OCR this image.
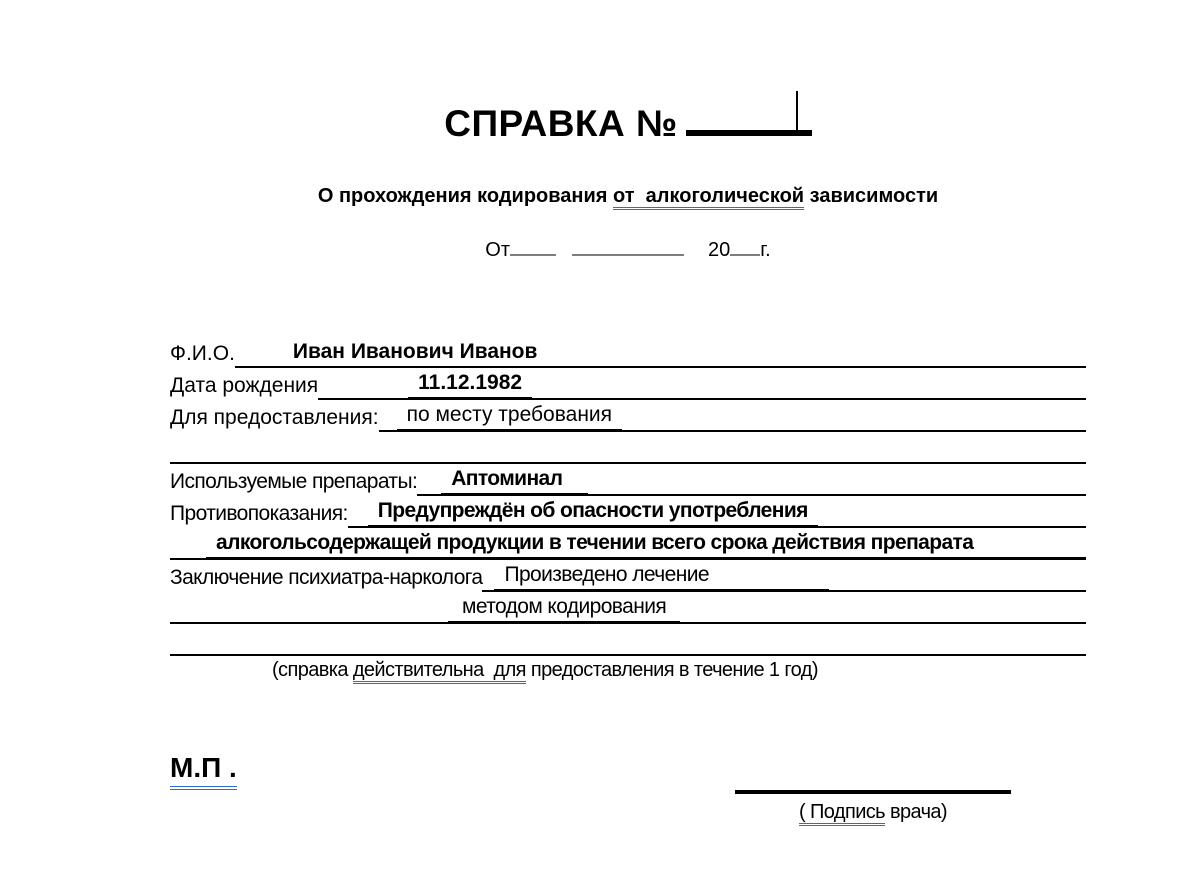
СПРАВКА №
О прохождения кодирования от  алкоголической зависимости
От	20 г.
Ф.И.О.	Иван Иванович Иванов
Дата рождения	11.12.1982
Для предоставления:	по месту требования
Используемые препараты:	Аптоминал
Противопоказания:	Предупреждён об опасности употребления
алкогольсодержащей продукции в течении всего срока действия препарата
Заключение психиатра-нарколога	Произведено лечение
методом кодирования
(справка действительна  для предоставления в течение 1 год)
М.П .
( Подпись врача)
